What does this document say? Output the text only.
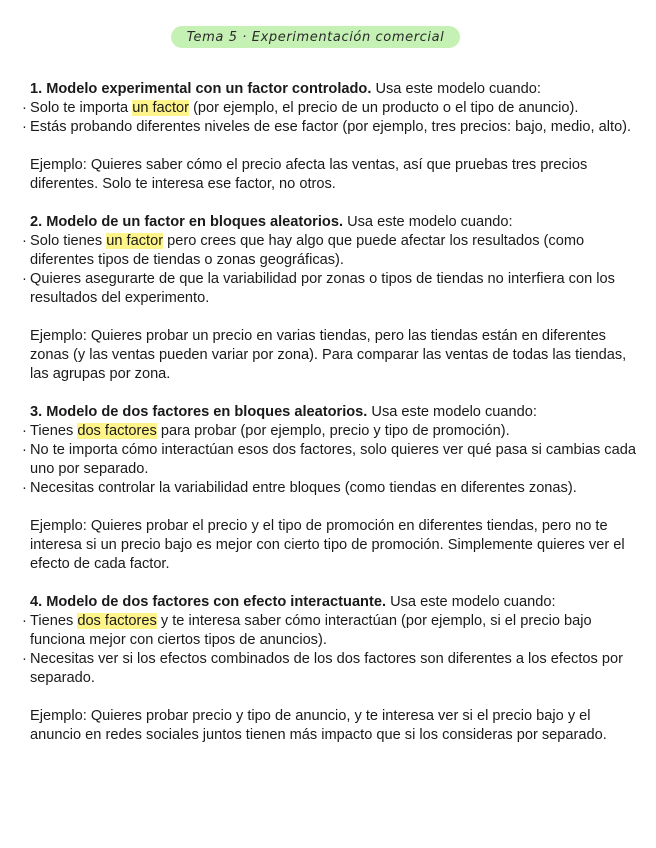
Tema 5 · Experimentación comercial

1. Modelo experimental con un factor controlado. Usa este modelo cuando:

· Solo te importa un factor (por ejemplo, el precio de un producto o el tipo de anuncio).

· Estás probando diferentes niveles de ese factor (por ejemplo, tres precios: bajo, medio, alto).

Ejemplo: Quieres saber cómo el precio afecta las ventas, así que pruebas tres precios diferentes. Solo te interesa ese factor, no otros.

2. Modelo de un factor en bloques aleatorios. Usa este modelo cuando:

· Solo tienes un factor pero crees que hay algo que puede afectar los resultados (como diferentes tipos de tiendas o zonas geográficas).

· Quieres asegurarte de que la variabilidad por zonas o tipos de tiendas no interfiera con los resultados del experimento.

Ejemplo: Quieres probar un precio en varias tiendas, pero las tiendas están en diferentes zonas (y las ventas pueden variar por zona). Para comparar las ventas de todas las tiendas, las agrupas por zona.

3. Modelo de dos factores en bloques aleatorios. Usa este modelo cuando:

· Tienes dos factores para probar (por ejemplo, precio y tipo de promoción).

· No te importa cómo interactúan esos dos factores, solo quieres ver qué pasa si cambias cada uno por separado.

· Necesitas controlar la variabilidad entre bloques (como tiendas en diferentes zonas).

Ejemplo: Quieres probar el precio y el tipo de promoción en diferentes tiendas, pero no te interesa si un precio bajo es mejor con cierto tipo de promoción. Simplemente quieres ver el efecto de cada factor.

4. Modelo de dos factores con efecto interactuante. Usa este modelo cuando:

· Tienes dos factores y te interesa saber cómo interactúan (por ejemplo, si el precio bajo funciona mejor con ciertos tipos de anuncios).

· Necesitas ver si los efectos combinados de los dos factores son diferentes a los efectos por separado.

Ejemplo: Quieres probar precio y tipo de anuncio, y te interesa ver si el precio bajo y el anuncio en redes sociales juntos tienen más impacto que si los consideras por separado.
